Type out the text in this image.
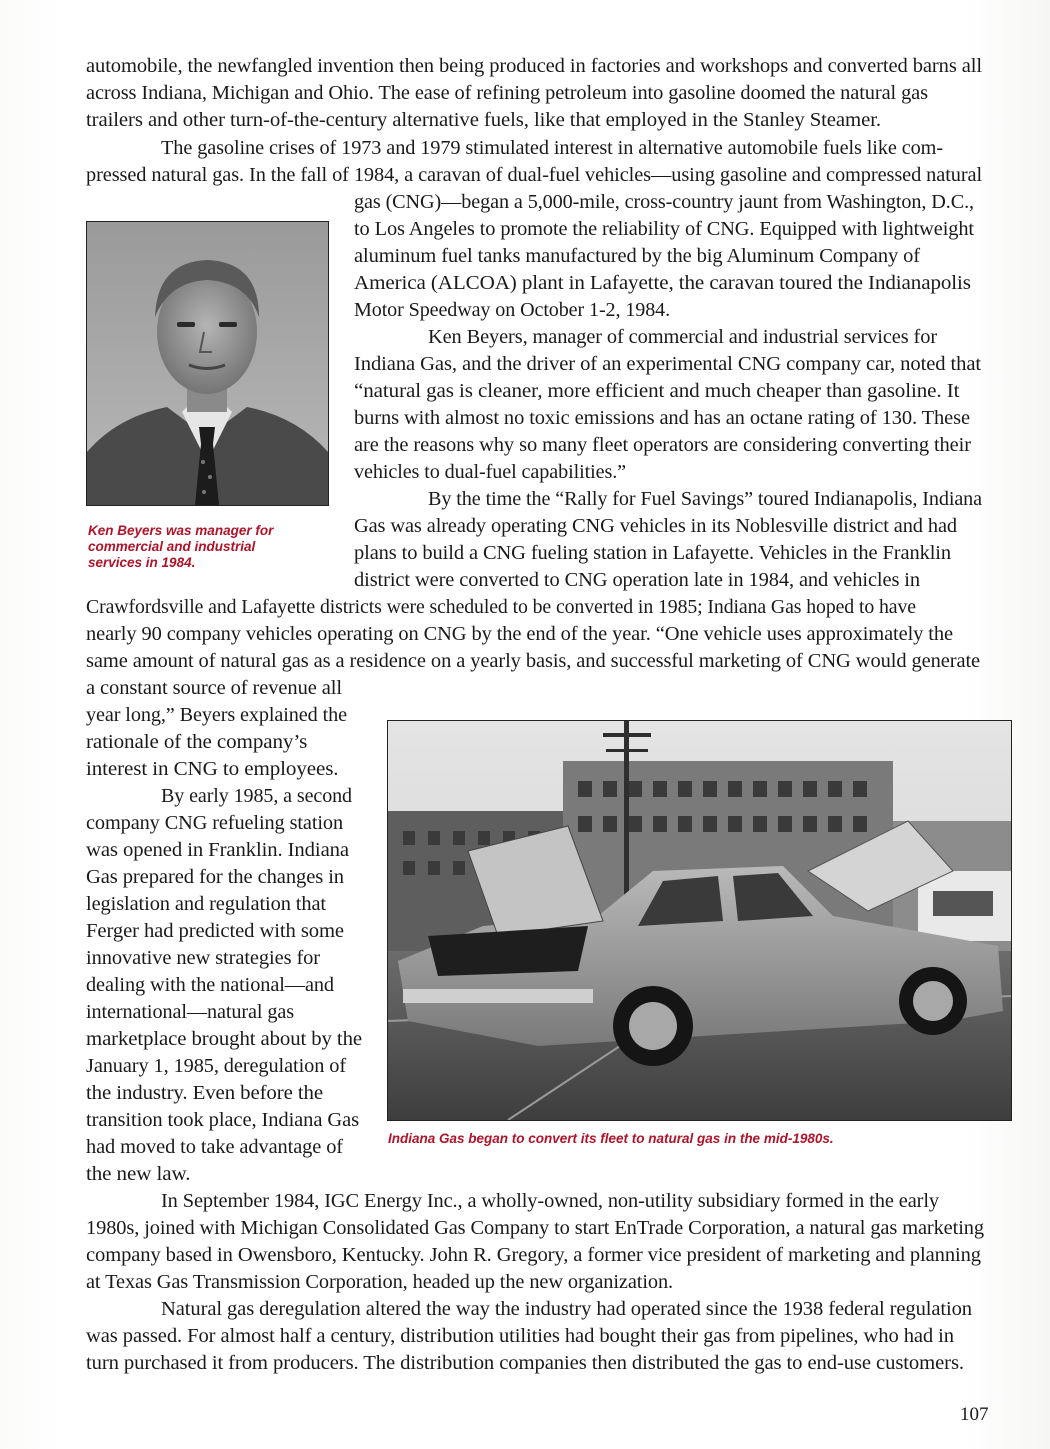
automobile, the newfangled invention then being produced in factories and workshops and converted barns all
across Indiana, Michigan and Ohio. The ease of refining petroleum into gasoline doomed the natural gas
trailers and other turn-of-the-century alternative fuels, like that employed in the Stanley Steamer.
The gasoline crises of 1973 and 1979 stimulated interest in alternative automobile fuels like com-
pressed natural gas. In the fall of 1984, a caravan of dual-fuel vehicles—using gasoline and compressed natural
gas (CNG)—began a 5,000-mile, cross-country jaunt from Washington, D.C.,
to Los Angeles to promote the reliability of CNG. Equipped with lightweight
aluminum fuel tanks manufactured by the big Aluminum Company of
America (ALCOA) plant in Lafayette, the caravan toured the Indianapolis
Motor Speedway on October 1-2, 1984.
Ken Beyers, manager of commercial and industrial services for
Indiana Gas, and the driver of an experimental CNG company car, noted that
“natural gas is cleaner, more efficient and much cheaper than gasoline. It
burns with almost no toxic emissions and has an octane rating of 130. These
are the reasons why so many fleet operators are considering converting their
vehicles to dual-fuel capabilities.”
By the time the “Rally for Fuel Savings” toured Indianapolis, Indiana
Gas was already operating CNG vehicles in its Noblesville district and had
plans to build a CNG fueling station in Lafayette. Vehicles in the Franklin
district were converted to CNG operation late in 1984, and vehicles in
Crawfordsville and Lafayette districts were scheduled to be converted in 1985; Indiana Gas hoped to have
nearly 90 company vehicles operating on CNG by the end of the year. “One vehicle uses approximately the
same amount of natural gas as a residence on a yearly basis, and successful marketing of CNG would generate
a constant source of revenue all
year long,” Beyers explained the
rationale of the company’s
interest in CNG to employees.
By early 1985, a second
company CNG refueling station
was opened in Franklin. Indiana
Gas prepared for the changes in
legislation and regulation that
Ferger had predicted with some
innovative new strategies for
dealing with the national—and
international—natural gas
marketplace brought about by the
January 1, 1985, deregulation of
the industry. Even before the
transition took place, Indiana Gas
had moved to take advantage of
the new law.
In September 1984, IGC Energy Inc., a wholly-owned, non-utility subsidiary formed in the early
1980s, joined with Michigan Consolidated Gas Company to start EnTrade Corporation, a natural gas marketing
company based in Owensboro, Kentucky. John R. Gregory, a former vice president of marketing and planning
at Texas Gas Transmission Corporation, headed up the new organization.
Natural gas deregulation altered the way the industry had operated since the 1938 federal regulation
was passed. For almost half a century, distribution utilities had bought their gas from pipelines, who had in
turn purchased it from producers. The distribution companies then distributed the gas to end-use customers.
Ken Beyers was manager for commercial and industrial services in 1984.
Indiana Gas began to convert its fleet to natural gas in the mid-1980s.
107
